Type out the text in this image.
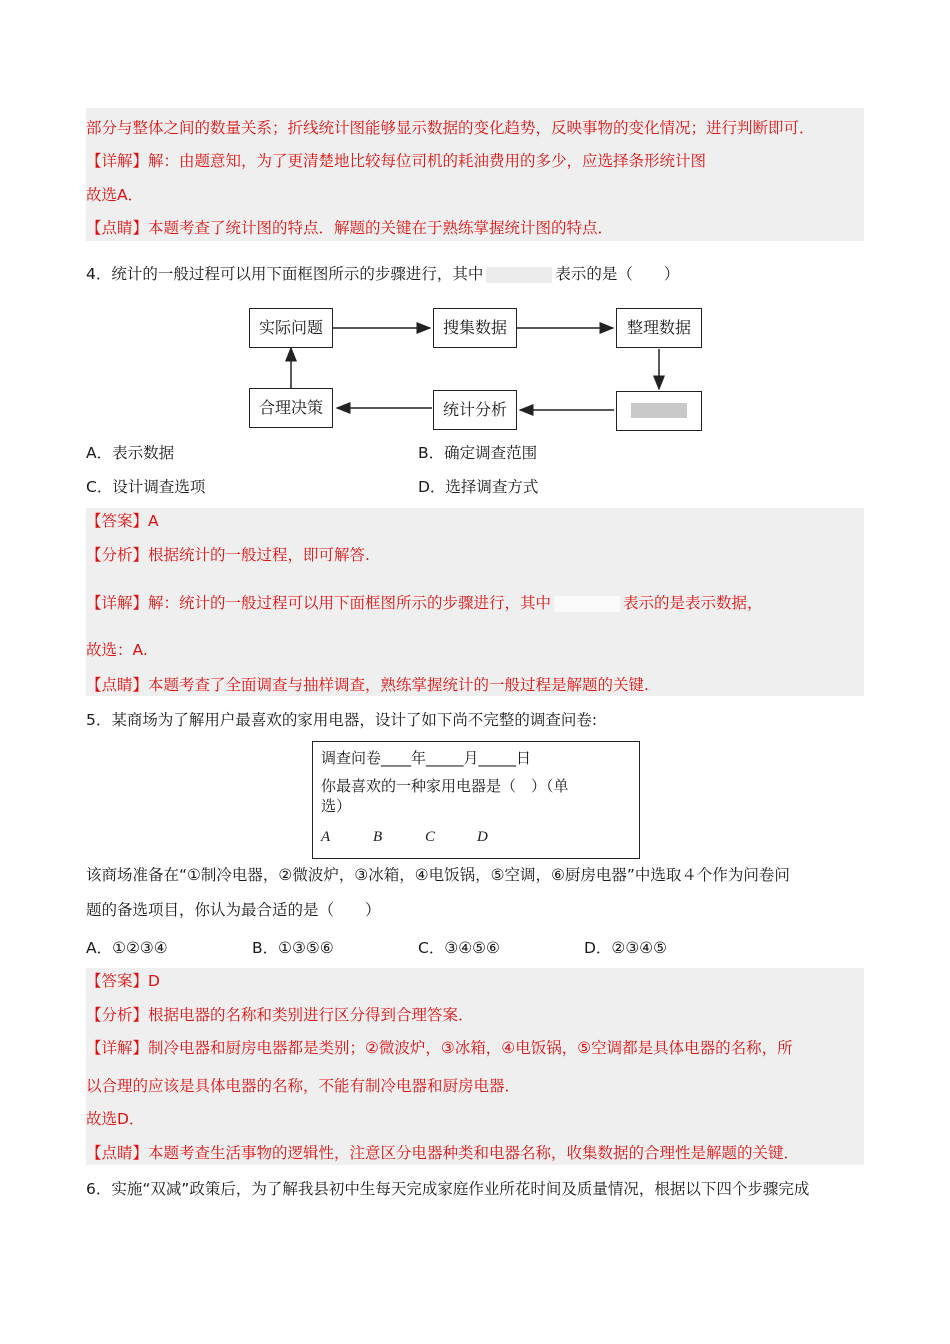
部分与整体之间的数量关系；折线统计图能够显示数据的变化趋势，反映事物的变化情况；进行判断即可．
【详解】解：由题意知，为了更清楚地比较每位司机的耗油费用的多少，应选择条形统计图
故选A．
【点睛】本题考查了统计图的特点．解题的关键在于熟练掌握统计图的特点．
4．统计的一般过程可以用下面框图所示的步骤进行，其中	表示的是（　　）
实际问题	搜集数据	整理数据
统计分析
合理决策
A．表示数据	B．确定调查范围
C．设计调查选项	D．选择调查方式
【答案】A
【分析】根据统计的一般过程，即可解答.
【详解】解：统计的一般过程可以用下面框图所示的步骤进行，其中	表示的是表示数据，
故选：A.
【点睛】本题考查了全面调查与抽样调查，熟练掌握统计的一般过程是解题的关键.
5．某商场为了解用户最喜欢的家用电器，设计了如下尚不完整的调查问卷:
调查问卷____年_____月_____日
你最喜欢的一种家用电器是（　）（单
选）
A	B	C	D
该商场准备在“①制冷电器，②微波炉，③冰箱，④电饭锅，⑤空调，⑥厨房电器”中选取４个作为问卷问
题的备选项目，你认为最合适的是（　　）
A．①②③④	B．①③⑤⑥	C．③④⑤⑥	D．②③④⑤
【答案】D
【分析】根据电器的名称和类别进行区分得到合理答案．
【详解】制冷电器和厨房电器都是类别；②微波炉，③冰箱，④电饭锅，⑤空调都是具体电器的名称，所
以合理的应该是具体电器的名称，不能有制冷电器和厨房电器．
故选D．
【点睛】本题考查生活事物的逻辑性，注意区分电器种类和电器名称，收集数据的合理性是解题的关键．
6．实施“双减”政策后，为了解我县初中生每天完成家庭作业所花时间及质量情况，根据以下四个步骤完成
